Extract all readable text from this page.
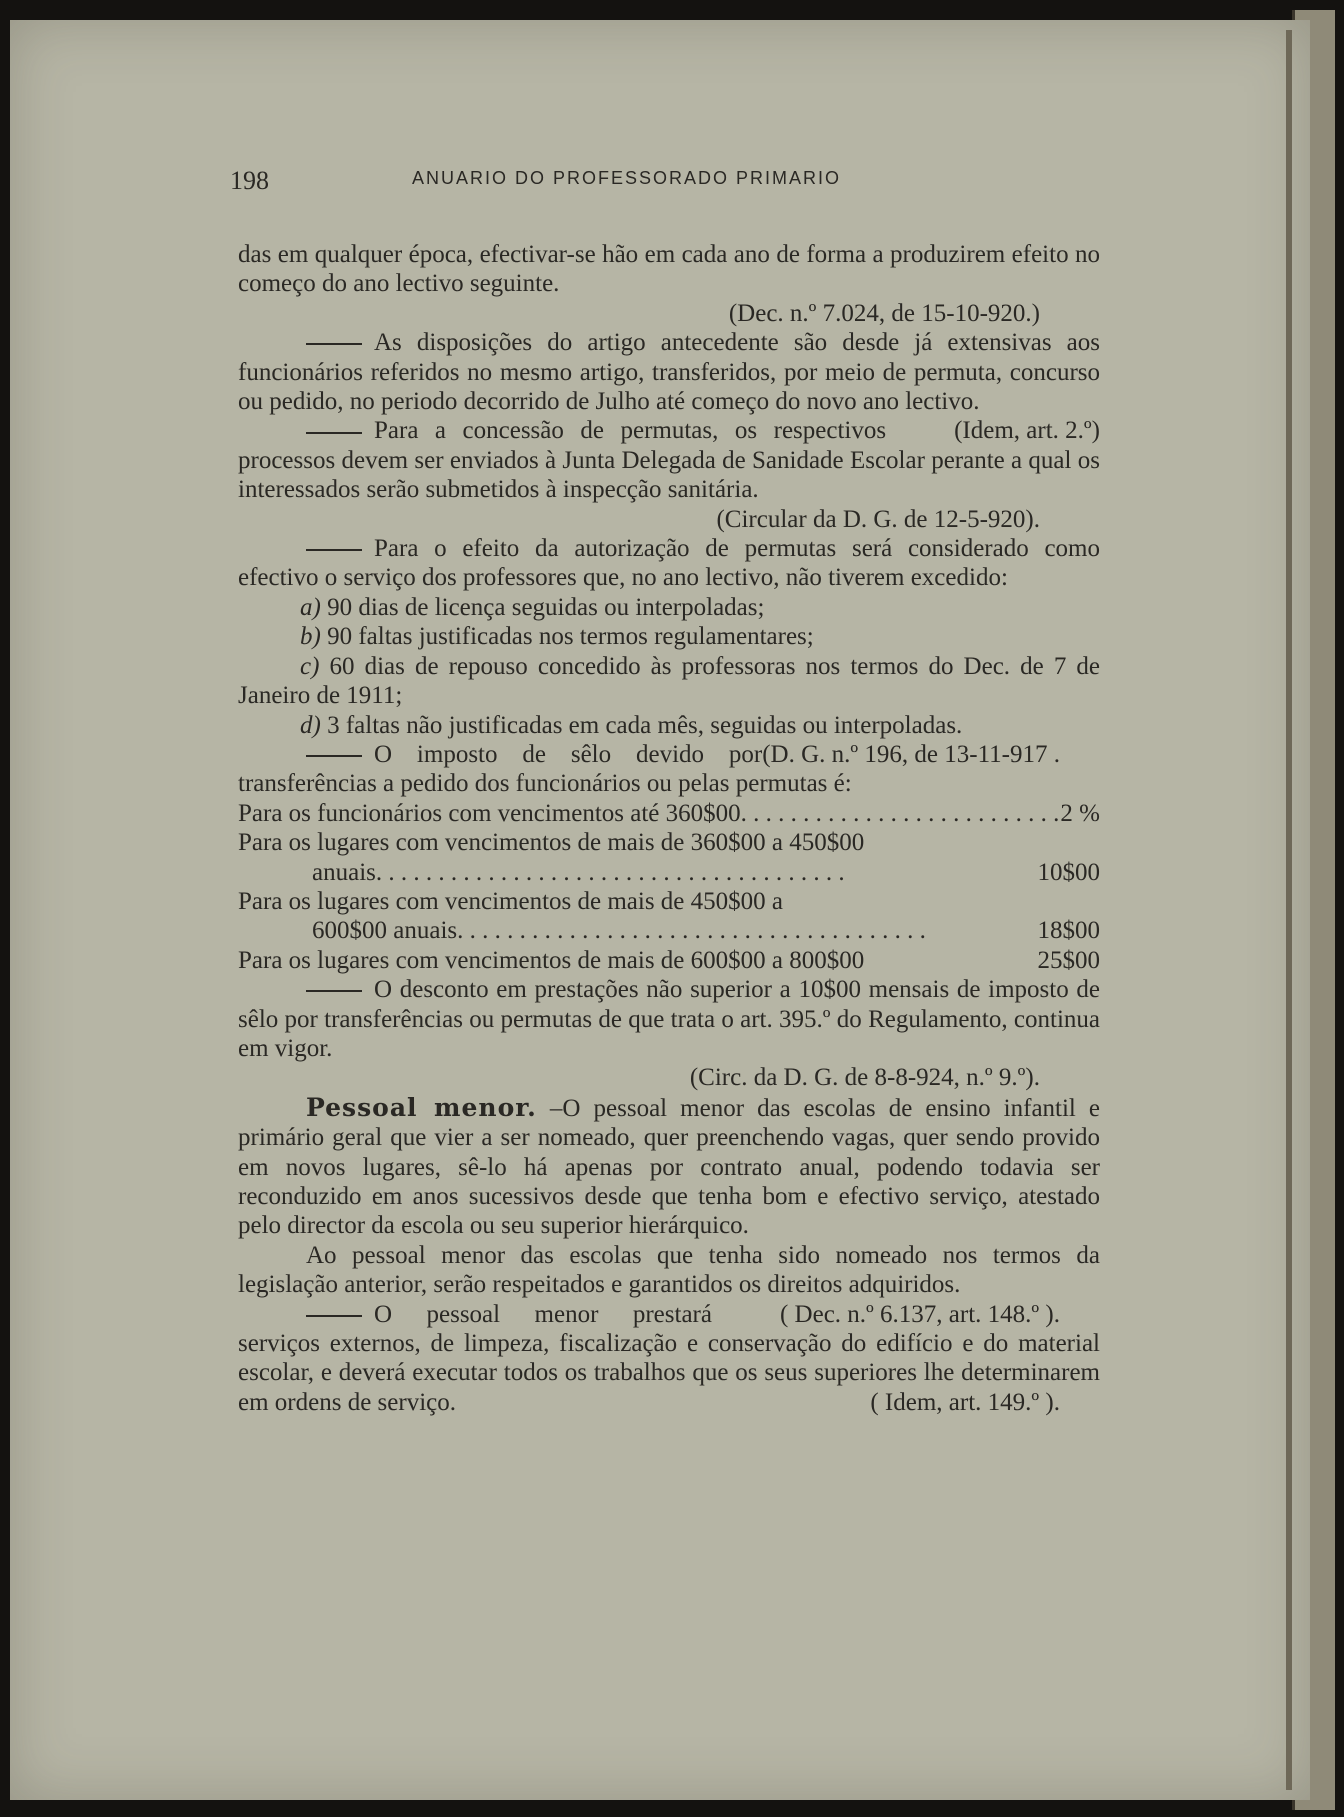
198	ANUARIO DO PROFESSORADO PRIMARIO

das em qualquer época, efectivar-se hão em cada ano de forma a produzirem efeito no começo do ano lectivo seguinte.

(Dec. n.º 7.024, de 15-10-920.)

As disposições do artigo antecedente são desde já extensivas aos funcionários referidos no mesmo artigo, transferidos, por meio de permuta, concurso ou pedido, no periodo decorrido de Julho até começo do novo ano lectivo.
(Idem, art. 2.º)

Para a concessão de permutas, os respectivos processos devem ser enviados à Junta Delegada de Sanidade Escolar perante a qual os interessados serão submetidos à inspecção sanitária.

(Circular da D. G. de 12-5-920).

Para o efeito da autorização de permutas será considerado como efectivo o serviço dos professores que, no ano lectivo, não tiverem excedido:

a) 90 dias de licença seguidas ou interpoladas;

b) 90 faltas justificadas nos termos regulamentares;

c) 60 dias de repouso concedido às professoras nos termos do Dec. de 7 de Janeiro de 1911;

d) 3 faltas não justificadas em cada mês, seguidas ou interpoladas.
(D. G. n.º 196, de 13-11-917 .

O imposto de sêlo devido por transferências a pedido dos funcionários ou pelas permutas é:

Para os funcionários com vencimentos até 360$00 . . .	2 %
Para os lugares com vencimentos de mais de 360$00 a 450$00
anuais . . .	10$00
Para os lugares com vencimentos de mais de 450$00 a
600$00 anuais . . .	18$00
Para os lugares com vencimentos de mais de 600$00 a 800$00	25$00

O desconto em prestações não superior a 10$00 mensais de imposto de sêlo por transferências ou permutas de que trata o art. 395.º do Regulamento, continua em vigor.

(Circ. da D. G. de 8-8-924, n.º 9.º).

Pessoal menor. –O pessoal menor das escolas de ensino infantil e primário geral que vier a ser nomeado, quer preenchendo vagas, quer sendo provido em novos lugares, sê-lo há apenas por contrato anual, podendo todavia ser reconduzido em anos sucessivos desde que tenha bom e efectivo serviço, atestado pelo director da escola ou seu superior hierárquico.

Ao pessoal menor das escolas que tenha sido nomeado nos termos da legislação anterior, serão respeitados e garantidos os direitos adquiridos.
( Dec. n.º 6.137, art. 148.º ).

O pessoal menor prestará serviços externos, de limpeza, fiscalização e conservação do edifício e do material escolar, e deverá executar todos os trabalhos que os seus superiores lhe determinarem em ordens de serviço.	( Idem, art. 149.º ).
